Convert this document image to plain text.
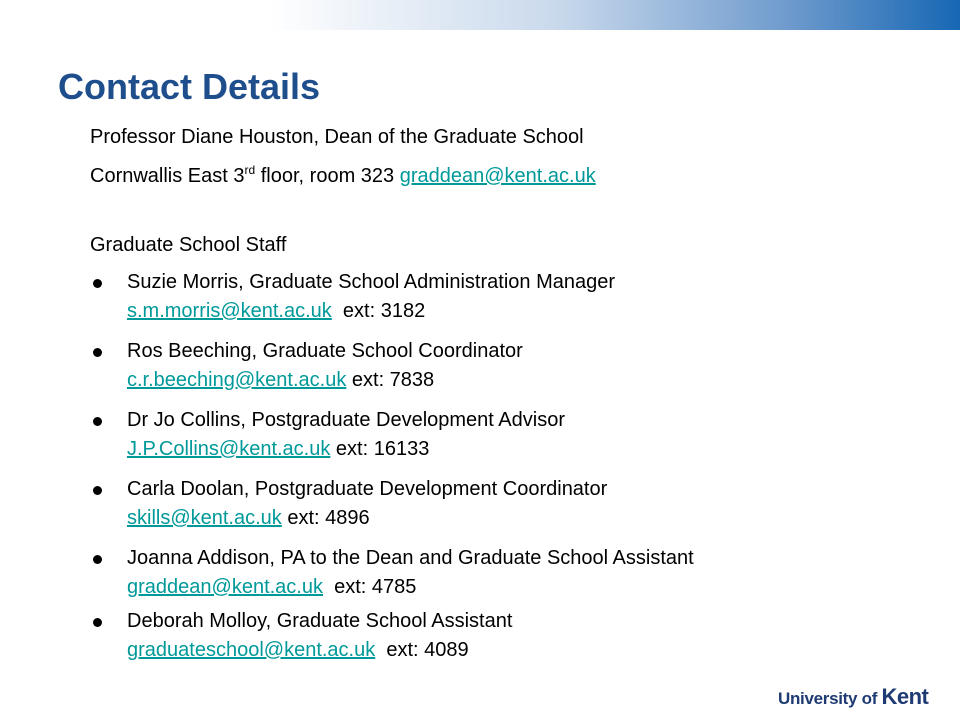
Contact Details
Professor Diane Houston, Dean of the Graduate School
Cornwallis East 3rd floor, room 323 graddean@kent.ac.uk
Graduate School Staff
Suzie Morris, Graduate School Administration Manager
s.m.morris@kent.ac.uk ext: 3182
Ros Beeching, Graduate School Coordinator
c.r.beeching@kent.ac.uk ext: 7838
Dr Jo Collins, Postgraduate Development Advisor
J.P.Collins@kent.ac.uk ext: 16133
Carla Doolan, Postgraduate Development Coordinator
skills@kent.ac.uk ext: 4896
Joanna Addison, PA to the Dean and Graduate School Assistant
graddean@kent.ac.uk ext: 4785
Deborah Molloy, Graduate School Assistant
graduateschool@kent.ac.uk ext: 4089
University of Kent
